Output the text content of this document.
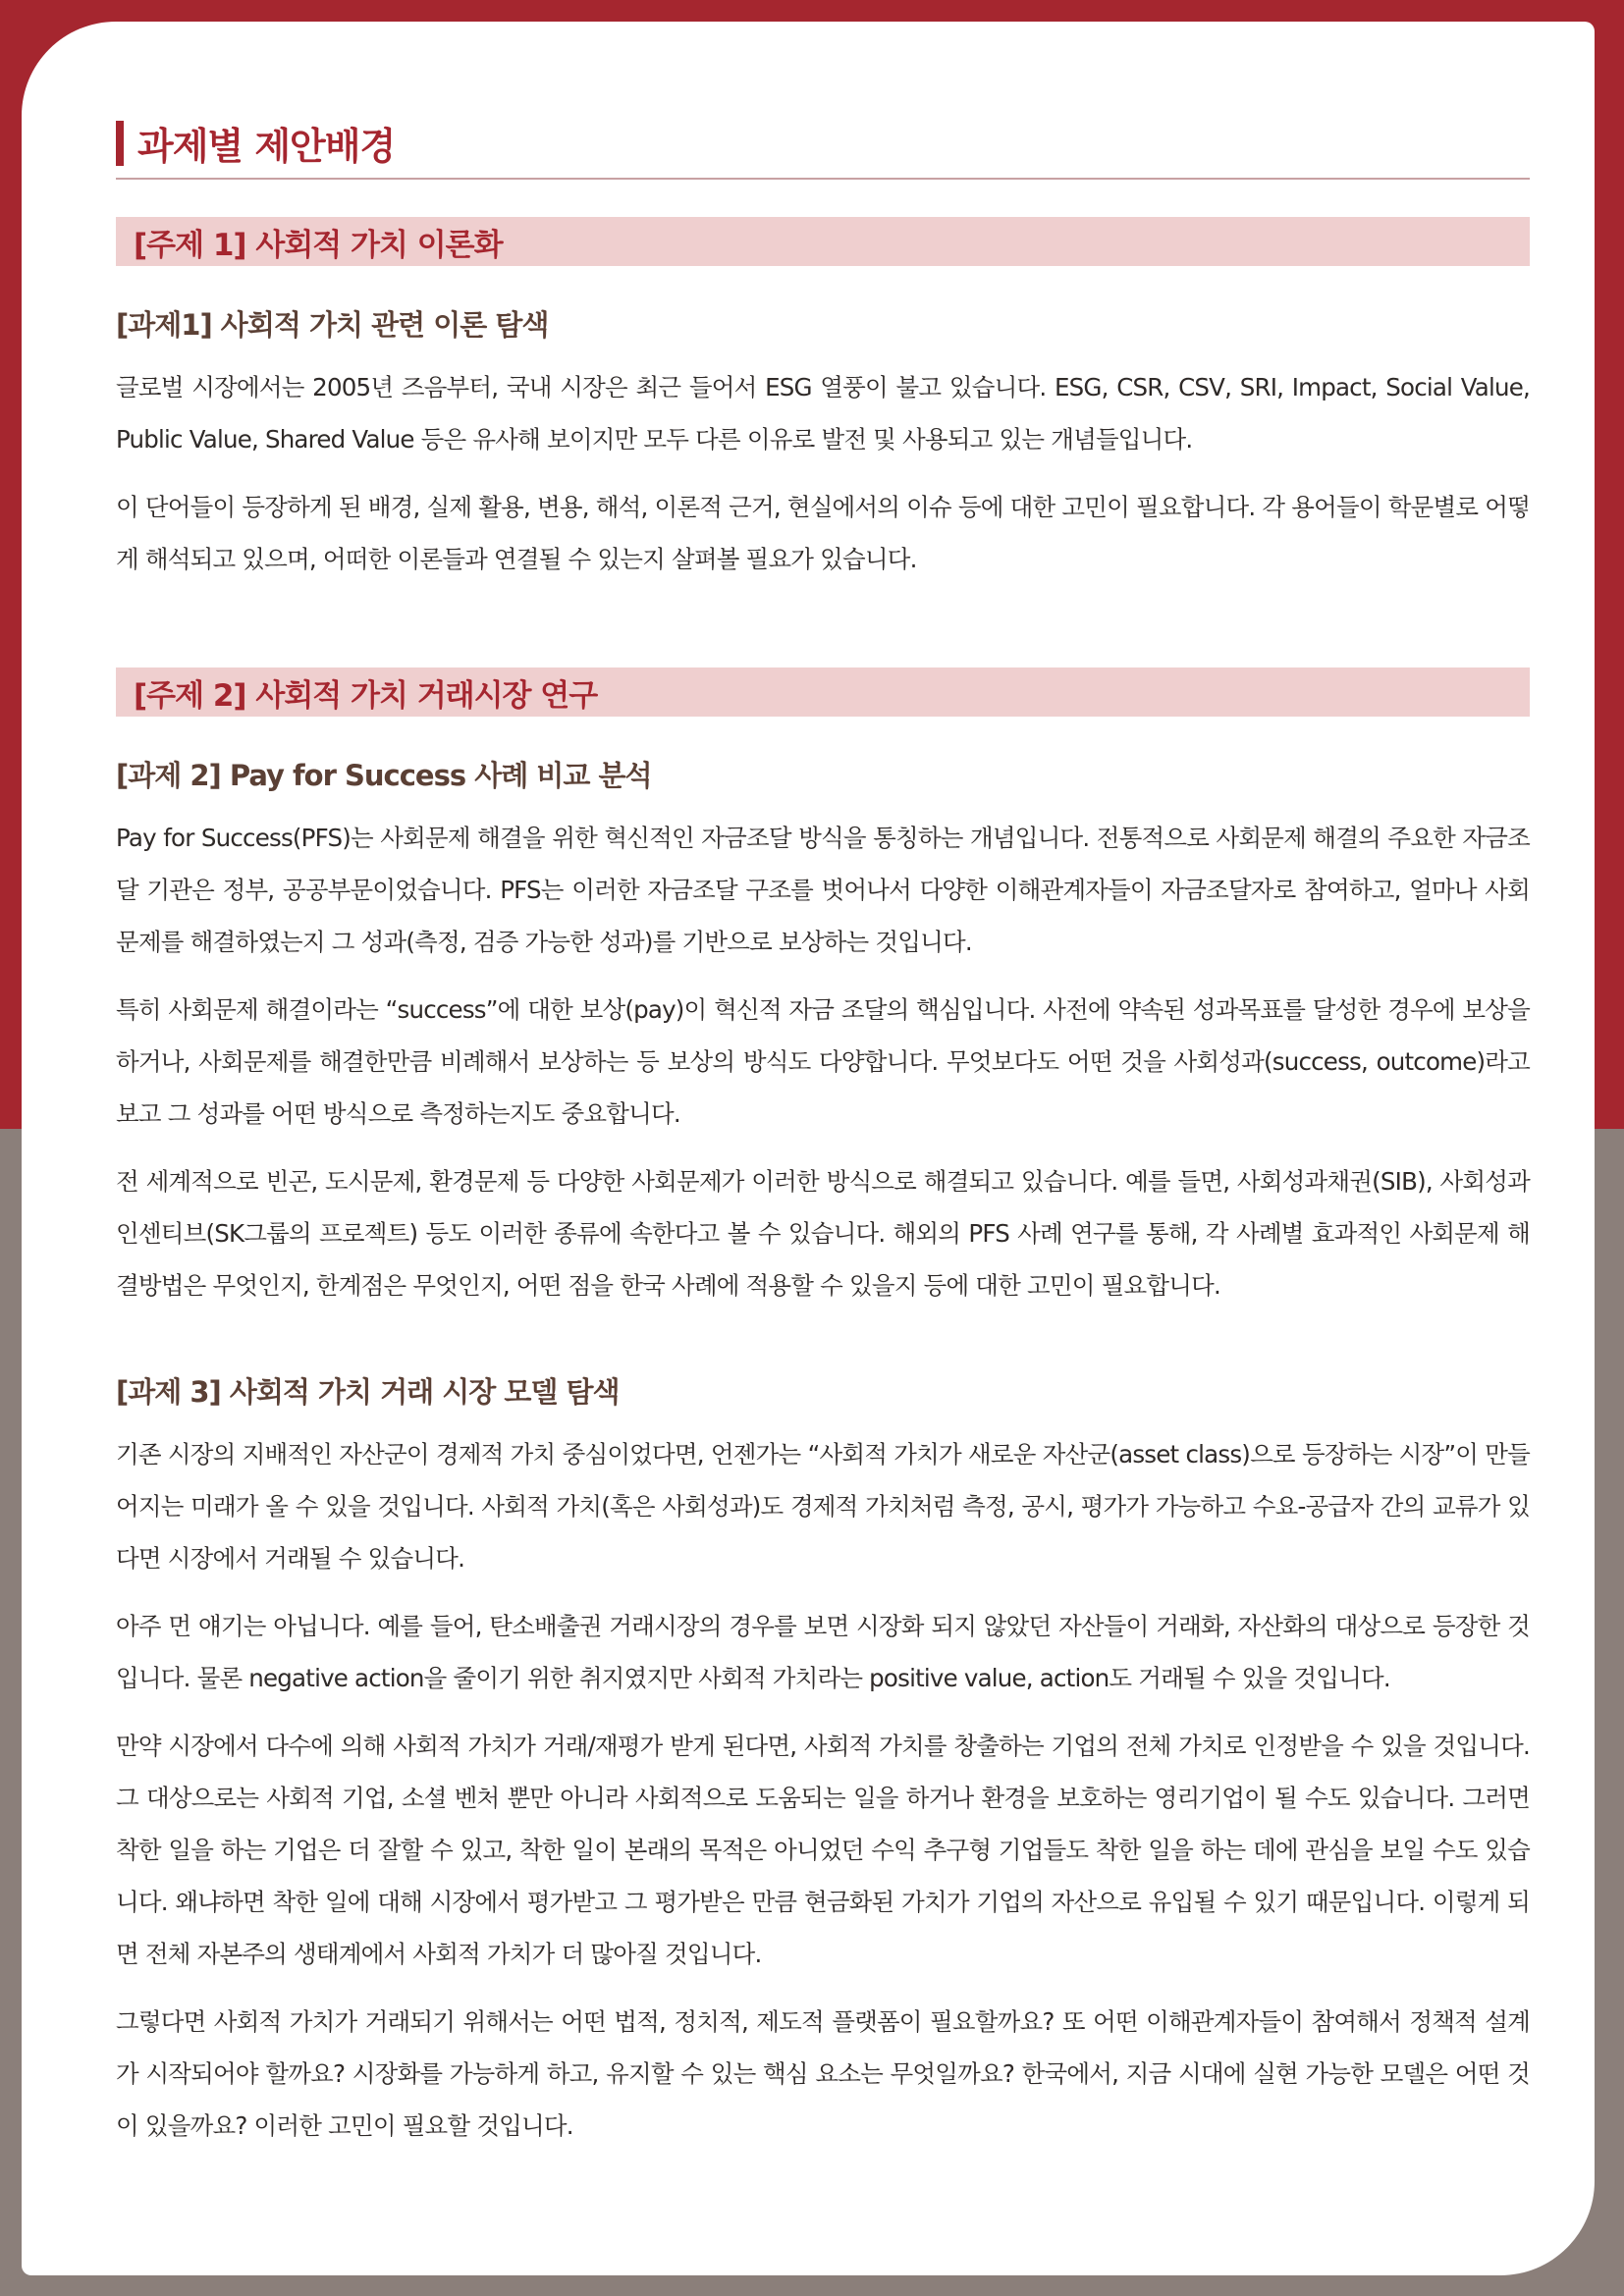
과제별 제안배경
[주제 1] 사회적 가치 이론화
[과제1] 사회적 가치 관련 이론 탐색

글로벌 시장에서는 2005년 즈음부터, 국내 시장은 최근 들어서 ESG 열풍이 불고 있습니다. ESG, CSR, CSV, SRI, Impact, Social Value, Public Value, Shared Value 등은 유사해 보이지만 모두 다른 이유로 발전 및 사용되고 있는 개념들입니다.

이 단어들이 등장하게 된 배경, 실제 활용, 변용, 해석, 이론적 근거, 현실에서의 이슈 등에 대한 고민이 필요합니다. 각 용어들이 학문별로 어떻게 해석되고 있으며, 어떠한 이론들과 연결될 수 있는지 살펴볼 필요가 있습니다.

[주제 2] 사회적 가치 거래시장 연구
[과제 2] Pay for Success 사례 비교 분석

Pay for Success(PFS)는 사회문제 해결을 위한 혁신적인 자금조달 방식을 통칭하는 개념입니다. 전통적으로 사회문제 해결의 주요한 자금조달 기관은 정부, 공공부문이었습니다. PFS는 이러한 자금조달 구조를 벗어나서 다양한 이해관계자들이 자금조달자로 참여하고, 얼마나 사회문제를 해결하였는지 그 성과(측정, 검증 가능한 성과)를 기반으로 보상하는 것입니다.

특히 사회문제 해결이라는 “success”에 대한 보상(pay)이 혁신적 자금 조달의 핵심입니다. 사전에 약속된 성과목표를 달성한 경우에 보상을 하거나, 사회문제를 해결한만큼 비례해서 보상하는 등 보상의 방식도 다양합니다. 무엇보다도 어떤 것을 사회성과(success, outcome)라고 보고 그 성과를 어떤 방식으로 측정하는지도 중요합니다.

전 세계적으로 빈곤, 도시문제, 환경문제 등 다양한 사회문제가 이러한 방식으로 해결되고 있습니다. 예를 들면, 사회성과채권(SIB), 사회성과인센티브(SK그룹의 프로젝트) 등도 이러한 종류에 속한다고 볼 수 있습니다. 해외의 PFS 사례 연구를 통해, 각 사례별 효과적인 사회문제 해결방법은 무엇인지, 한계점은 무엇인지, 어떤 점을 한국 사례에 적용할 수 있을지 등에 대한 고민이 필요합니다.

[과제 3] 사회적 가치 거래 시장 모델 탐색

기존 시장의 지배적인 자산군이 경제적 가치 중심이었다면, 언젠가는 “사회적 가치가 새로운 자산군(asset class)으로 등장하는 시장”이 만들어지는 미래가 올 수 있을 것입니다. 사회적 가치(혹은 사회성과)도 경제적 가치처럼 측정, 공시, 평가가 가능하고 수요-공급자 간의 교류가 있다면 시장에서 거래될 수 있습니다.

아주 먼 얘기는 아닙니다. 예를 들어, 탄소배출권 거래시장의 경우를 보면 시장화 되지 않았던 자산들이 거래화, 자산화의 대상으로 등장한 것입니다. 물론 negative action을 줄이기 위한 취지였지만 사회적 가치라는 positive value, action도 거래될 수 있을 것입니다.

만약 시장에서 다수에 의해 사회적 가치가 거래/재평가 받게 된다면, 사회적 가치를 창출하는 기업의 전체 가치로 인정받을 수 있을 것입니다. 그 대상으로는 사회적 기업, 소셜 벤처 뿐만 아니라 사회적으로 도움되는 일을 하거나 환경을 보호하는 영리기업이 될 수도 있습니다. 그러면 착한 일을 하는 기업은 더 잘할 수 있고, 착한 일이 본래의 목적은 아니었던 수익 추구형 기업들도 착한 일을 하는 데에 관심을 보일 수도 있습니다. 왜냐하면 착한 일에 대해 시장에서 평가받고 그 평가받은 만큼 현금화된 가치가 기업의 자산으로 유입될 수 있기 때문입니다. 이렇게 되면 전체 자본주의 생태계에서 사회적 가치가 더 많아질 것입니다.

그렇다면 사회적 가치가 거래되기 위해서는 어떤 법적, 정치적, 제도적 플랫폼이 필요할까요? 또 어떤 이해관계자들이 참여해서 정책적 설계가 시작되어야 할까요? 시장화를 가능하게 하고, 유지할 수 있는 핵심 요소는 무엇일까요? 한국에서, 지금 시대에 실현 가능한 모델은 어떤 것이 있을까요? 이러한 고민이 필요할 것입니다.
